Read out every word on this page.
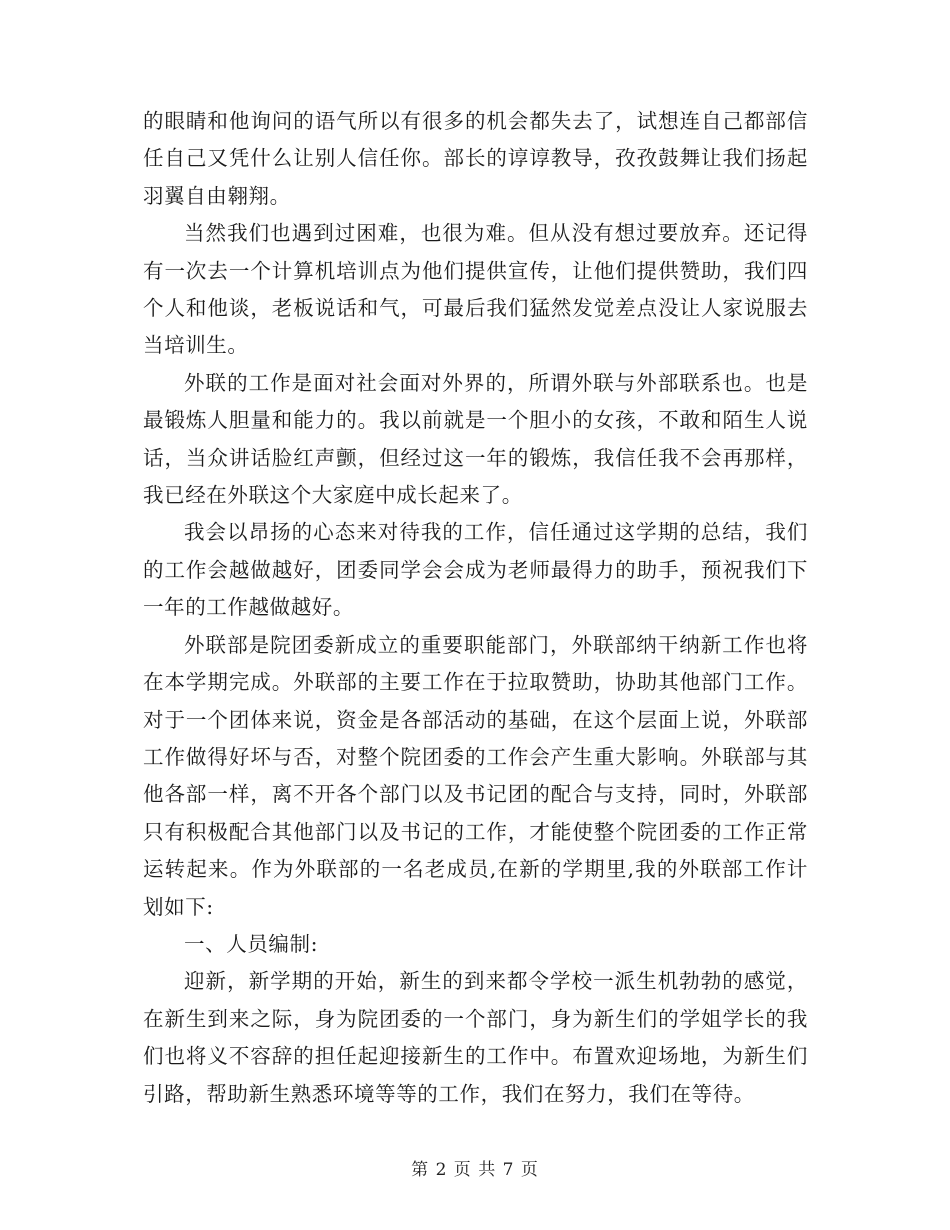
的眼睛和他询问的语气所以有很多的机会都失去了，试想连自己都部信任自己又凭什么让别人信任你。部长的谆谆教导，孜孜鼓舞让我们扬起羽翼自由翱翔。

当然我们也遇到过困难，也很为难。但从没有想过要放弃。还记得有一次去一个计算机培训点为他们提供宣传，让他们提供赞助，我们四个人和他谈，老板说话和气，可最后我们猛然发觉差点没让人家说服去当培训生。

外联的工作是面对社会面对外界的，所谓外联与外部联系也。也是最锻炼人胆量和能力的。我以前就是一个胆小的女孩，不敢和陌生人说话，当众讲话脸红声颤，但经过这一年的锻炼，我信任我不会再那样，我已经在外联这个大家庭中成长起来了。

我会以昂扬的心态来对待我的工作，信任通过这学期的总结，我们的工作会越做越好，团委同学会会成为老师最得力的助手，预祝我们下一年的工作越做越好。

外联部是院团委新成立的重要职能部门，外联部纳干纳新工作也将在本学期完成。外联部的主要工作在于拉取赞助，协助其他部门工作。对于一个团体来说，资金是各部活动的基础，在这个层面上说，外联部工作做得好坏与否，对整个院团委的工作会产生重大影响。外联部与其他各部一样，离不开各个部门以及书记团的配合与支持，同时，外联部只有积极配合其他部门以及书记的工作，才能使整个院团委的工作正常运转起来。作为外联部的一名老成员,在新的学期里,我的外联部工作计划如下:

一、人员编制:

迎新，新学期的开始，新生的到来都令学校一派生机勃勃的感觉，在新生到来之际，身为院团委的一个部门，身为新生们的学姐学长的我们也将义不容辞的担任起迎接新生的工作中。布置欢迎场地，为新生们引路，帮助新生熟悉环境等等的工作，我们在努力，我们在等待。

第 2 页 共 7 页
